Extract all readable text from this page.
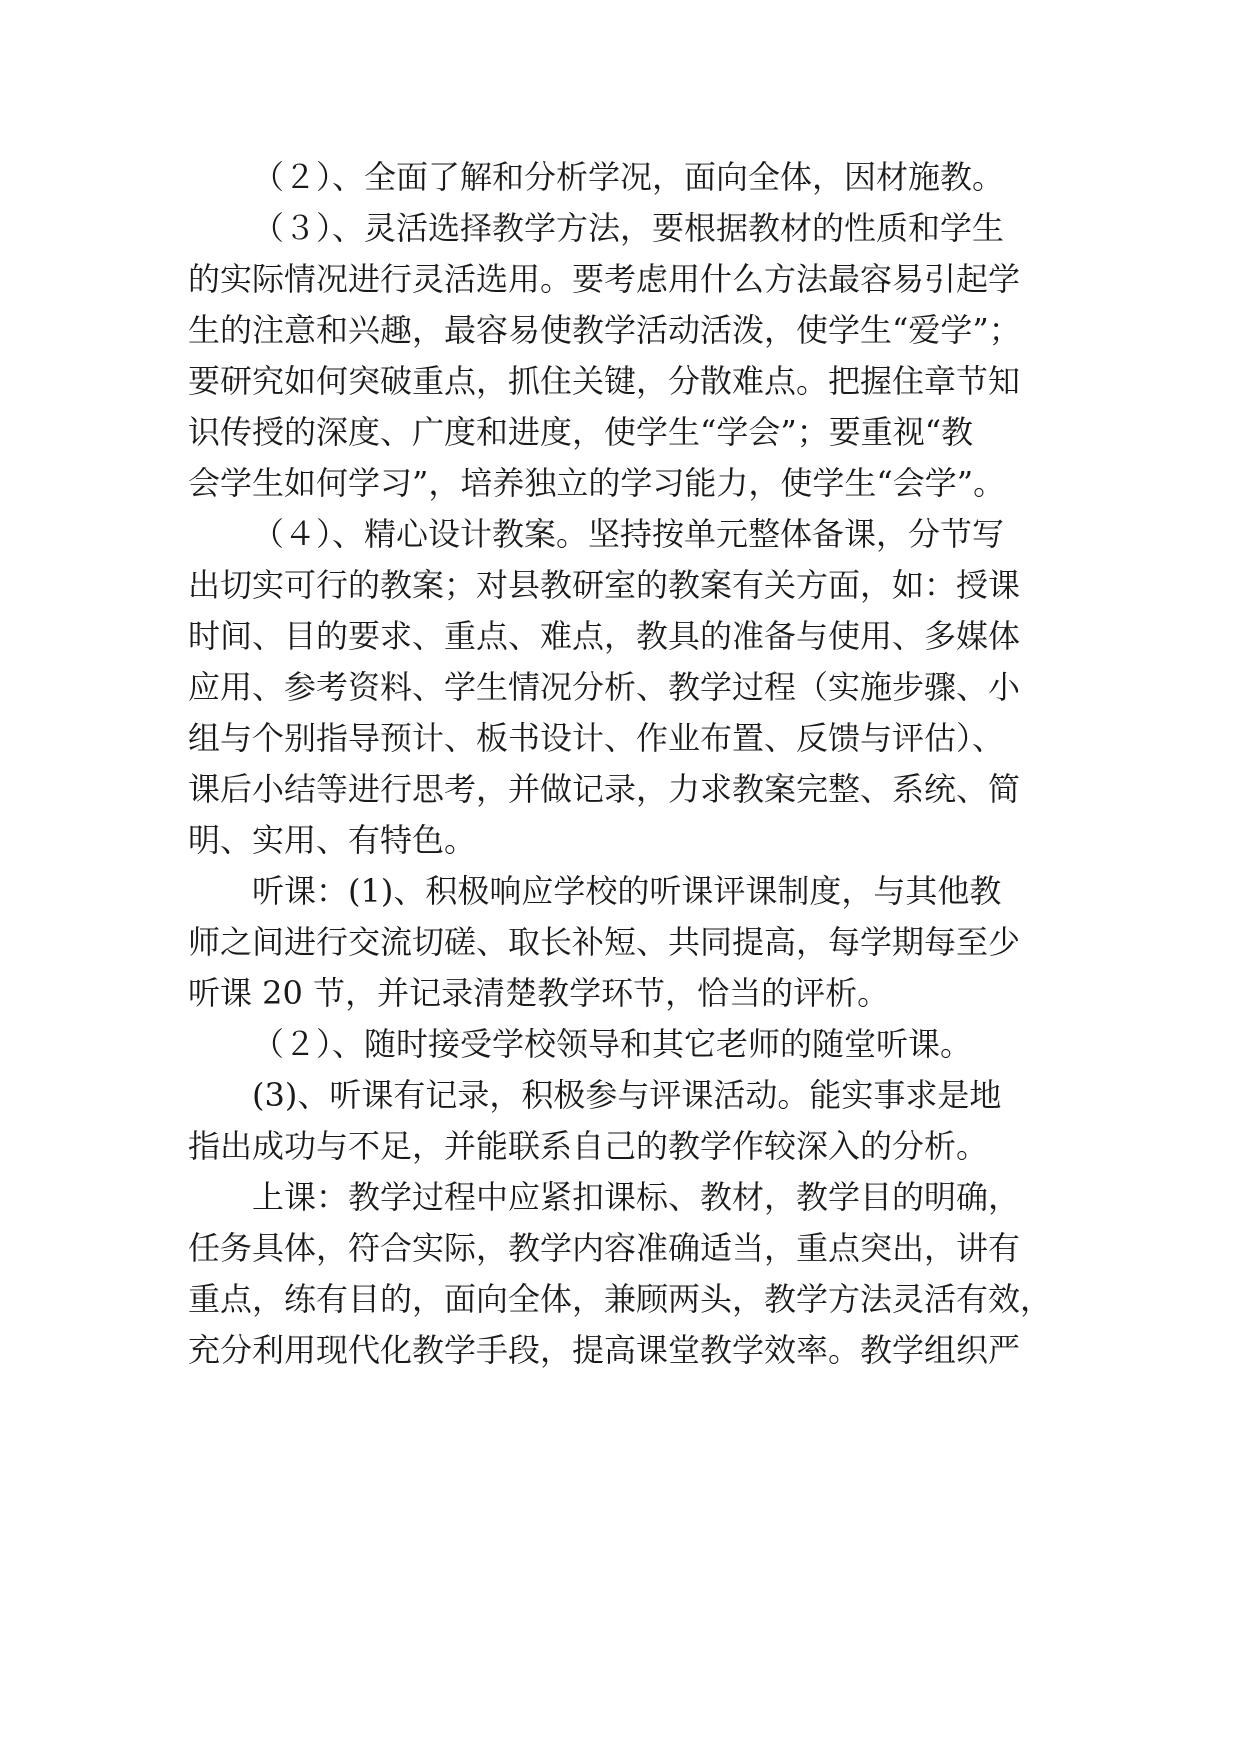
（２）、全面了解和分析学况，面向全体，因材施教。
（３）、灵活选择教学方法，要根据教材的性质和学生
的实际情况进行灵活选用。要考虑用什么方法最容易引起学
生的注意和兴趣，最容易使教学活动活泼，使学生“爱学”；
要研究如何突破重点，抓住关键，分散难点。把握住章节知
识传授的深度、广度和进度，使学生“学会”；要重视“教
会学生如何学习”，培养独立的学习能力，使学生“会学”。
（４）、精心设计教案。坚持按单元整体备课，分节写
出切实可行的教案；对县教研室的教案有关方面，如：授课
时间、目的要求、重点、难点，教具的准备与使用、多媒体
应用、参考资料、学生情况分析、教学过程（实施步骤、小
组与个别指导预计、板书设计、作业布置、反馈与评估）、
课后小结等进行思考，并做记录，力求教案完整、系统、简
明、实用、有特色。
听课：(1)、积极响应学校的听课评课制度，与其他教
师之间进行交流切磋、取长补短、共同提高，每学期每至少
听课 20 节，并记录清楚教学环节，恰当的评析。
（２）、随时接受学校领导和其它老师的随堂听课。
(3)、听课有记录，积极参与评课活动。能实事求是地
指出成功与不足，并能联系自己的教学作较深入的分析。
上课：教学过程中应紧扣课标、教材，教学目的明确，
任务具体，符合实际，教学内容准确适当，重点突出，讲有
重点，练有目的，面向全体，兼顾两头，教学方法灵活有效，
充分利用现代化教学手段，提高课堂教学效率。教学组织严
